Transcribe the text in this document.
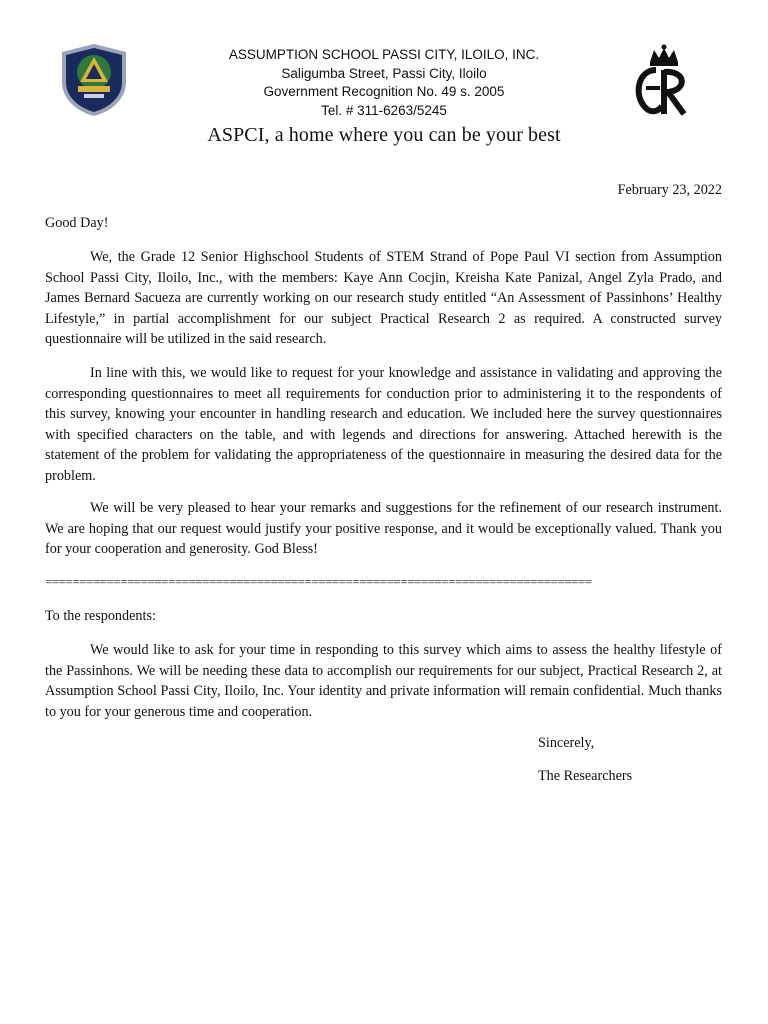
ASSUMPTION SCHOOL PASSI CITY, ILOILO, INC.
Saligumba Street, Passi City, Iloilo
Government Recognition No. 49 s. 2005
Tel. # 311-6263/5245
ASPCI, a home where you can be your best
February 23, 2022
Good Day!
We, the Grade 12 Senior Highschool Students of STEM Strand of Pope Paul VI section from Assumption School Passi City, Iloilo, Inc., with the members: Kaye Ann Cocjin, Kreisha Kate Panizal, Angel Zyla Prado, and James Bernard Sacueza are currently working on our research study entitled “An Assessment of Passinhons’ Healthy Lifestyle,” in partial accomplishment for our subject Practical Research 2 as required. A constructed survey questionnaire will be utilized in the said research.
In line with this, we would like to request for your knowledge and assistance in validating and approving the corresponding questionnaires to meet all requirements for conduction prior to administering it to the respondents of this survey, knowing your encounter in handling research and education. We included here the survey questionnaires with specified characters on the table, and with legends and directions for answering. Attached herewith is the statement of the problem for validating the appropriateness of the questionnaire in measuring the desired data for the problem.
We will be very pleased to hear your remarks and suggestions for the refinement of our research instrument. We are hoping that our request would justify your positive response, and it would be exceptionally valued. Thank you for your cooperation and generosity. God Bless!
================================================================================
To the respondents:
We would like to ask for your time in responding to this survey which aims to assess the healthy lifestyle of the Passinhons. We will be needing these data to accomplish our requirements for our subject, Practical Research 2, at Assumption School Passi City, Iloilo, Inc. Your identity and private information will remain confidential. Much thanks to you for your generous time and cooperation.
Sincerely,
The Researchers
